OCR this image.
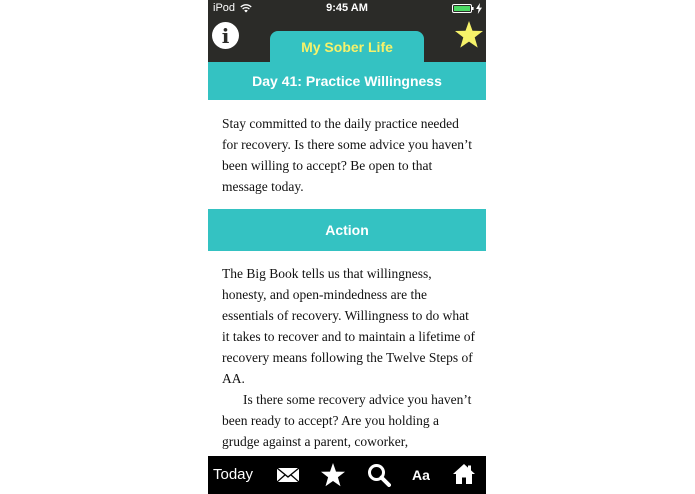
iPod	9:45 AM
i	My Sober Life
Day 41: Practice Willingness
Stay committed to the daily practice needed for recovery. Is there some advice you haven’t been willing to accept? Be open to that message today.
Action
The Big Book tells us that willingness, honesty, and open-mindedness are the essentials of recovery. Willingness to do what it takes to recover and to maintain a lifetime of recovery means following the Twelve Steps of AA.
Is there some recovery advice you haven’t been ready to accept? Are you holding a grudge against a parent, coworker,
Today	Aa
